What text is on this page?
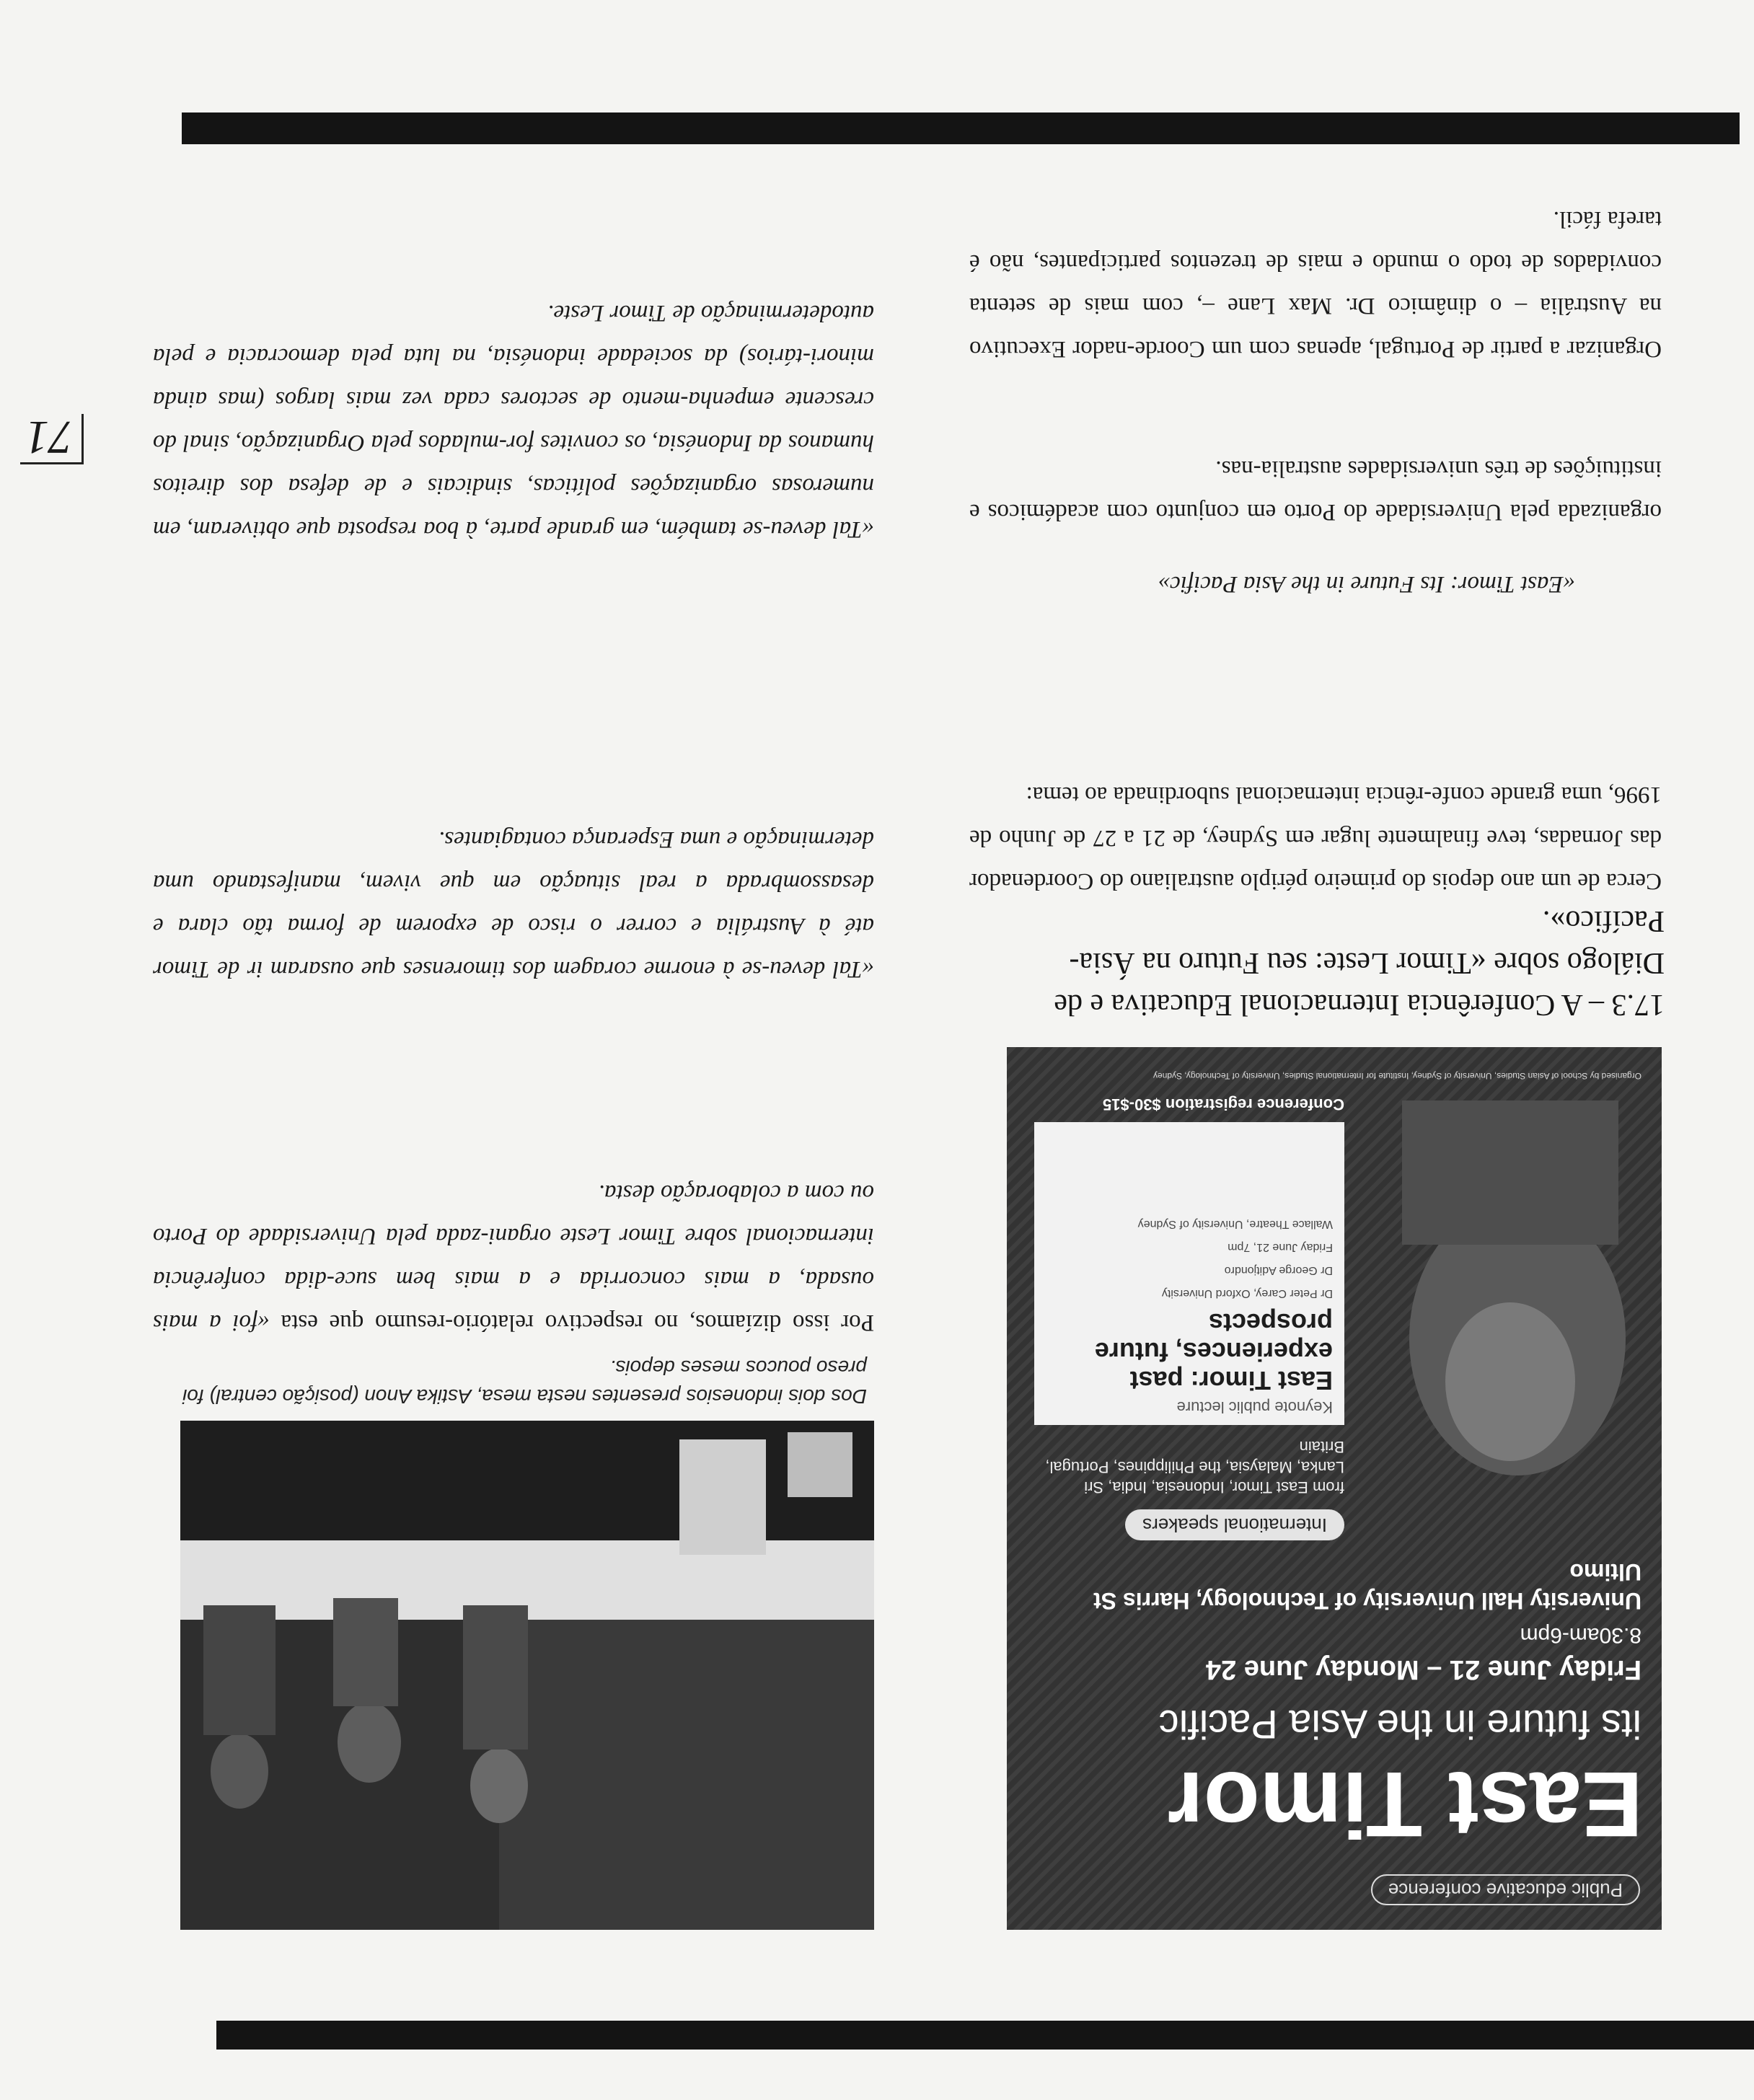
71
Dos dois indonesios presentes nesta mesa, Astika Anon (posição central) foi preso poucos meses depois.

Por isso dizíamos, no respectivo relatório-resumo que esta «foi a mais ousada, a mais concorrida e a mais bem suce-dida conferência internacional sobre Timor Leste organi-zada pela Universidade do Porto ou com a colaboração desta.

«Tal deveu-se à enorme coragem dos timorenses que ousaram ir de Timor até à Austrália e correr o risco de exporem de forma tão clara e desassombrada a real situação em que vivem, manifestando uma determinação e uma Esperança contagiantes.

«Tal deveu-se também, em grande parte, à boa resposta que obtiveram, em numerosas organizações políticas, sindicais e de defesa dos direitos humanos da Indonésia, os convites for-mulados pela Organização, sinal do crescente empenha-mento de sectores cada vez mais largos (mas ainda minori-tários) da sociedade indonésia, na luta pela democracia e pela autodeterminação de Timor Leste.

Public educative conference
East Timor
its future in the Asia Pacific
Friday June 21 – Monday June 24
8.30am-6pm
University Hall University of Technology, Harris St Ultimo
International speakers
from East Timor, Indonesia, India, Sri Lanka, Malaysia, the Philippines, Portugal, Britain
Keynote public lecture
East Timor: past experiences, future prospects
Dr Peter Carey, Oxford University
Dr George Aditjondro
Friday June 21, 7pm
Wallace Theatre, University of Sydney
Conference registration $30-$15
Organised by School of Asian Studies, University of Sydney, Institute for International Studies, University of Technology, Sydney
17.3 – A Conferência Internacional Educativa e de Diálogo sobre «Timor Leste: seu Futuro na Ásia-Pacífico».

Cerca de um ano depois do primeiro périplo australiano do Coordenador das Jornadas, teve finalmente lugar em Sydney, de 21 a 27 de Junho de 1996, uma grande confe-rência internacional subordinada ao tema:

«East Timor: Its Future in the Asia Pacific»

organizada pela Universidade do Porto em conjunto com académicos e instituições de três universidades australia-nas.

Organizar a partir de Portugal, apenas com um Coorde-nador Executivo na Austrália – o dinâmico Dr. Max Lane –, com mais de setenta convidados de todo o mundo e mais de trezentos participantes, não é tarefa fácil.
